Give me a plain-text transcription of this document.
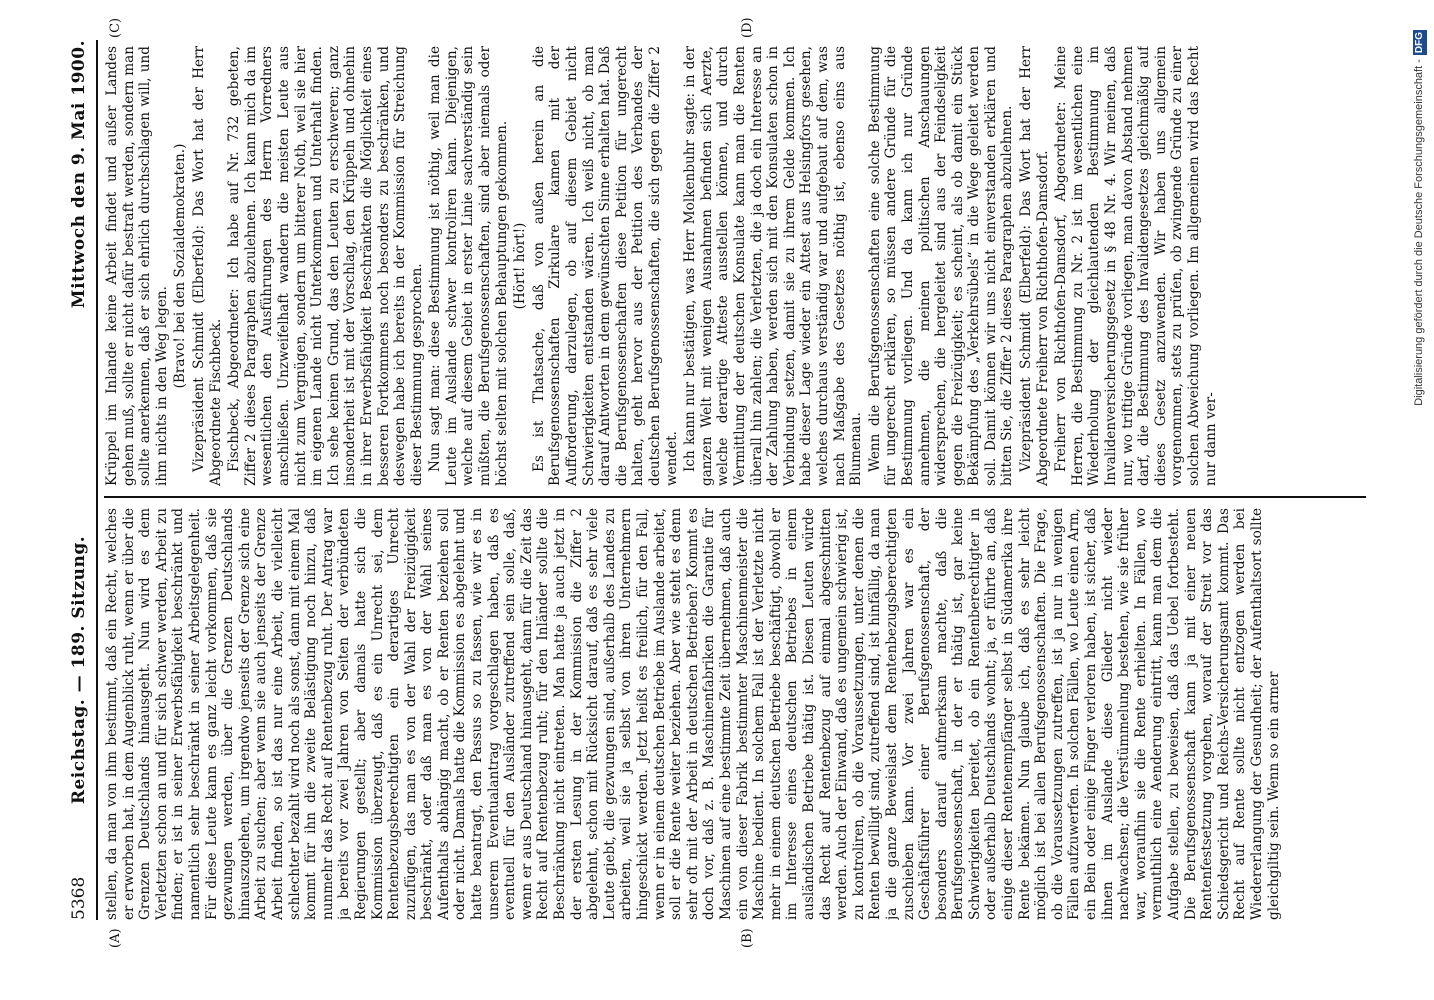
5368
Reichstag. — 189. Sitzung.
Mittwoch den 9. Mai 1900.
(A)	(B)
(C)	(D)

stellen, da man von ihm bestimmt, daß ein Recht, welches er erworben hat, in dem Augenblick ruht, wenn er über die Grenzen Deutschlands hinausgeht. Nun wird es dem Verletzten schon an und für sich schwer werden, Arbeit zu finden; er ist in seiner Erwerbsfähigkeit beschränkt und namentlich sehr beschränkt in seiner Arbeitsgelegenheit. Für diese Leute kann es ganz leicht vorkommen, daß sie gezwungen werden, über die Grenzen Deutschlands hinauszugehen, um irgendwo jenseits der Grenze sich eine Arbeit zu suchen; aber wenn sie auch jenseits der Grenze Arbeit finden, so ist das nur eine Arbeit, die vielleicht schlechter bezahlt wird noch als sonst, dann mit einem Mal kommt für ihn die zweite Belästigung noch hinzu, daß nunmehr das Recht auf Rentenbezug ruht. Der Antrag war ja bereits vor zwei Jahren von Seiten der verbündeten Regierungen gestellt; aber damals hatte sich die Kommission überzeugt, daß es ein Unrecht sei, dem Rentenbezugsberechtigten ein derartiges Unrecht zuzufügen, das man es von der Wahl der Freizügigkeit beschränkt, oder daß man es von der Wahl seines Aufenthalts abhängig macht, ob er Renten beziehen soll oder nicht. Damals hatte die Kommission es abgelehnt und hatte beantragt, den Passus so zu fassen, wie wir es in unserem Eventualantrag vorgeschlagen haben, daß es eventuell für den Ausländer zutreffend sein solle, daß, wenn er aus Deutschland hinausgeht, dann für die Zeit das Recht auf Rentenbezug ruht; für den Inländer sollte die Beschränkung nicht eintreten. Man hatte ja auch jetzt in der ersten Lesung in der Kommission die Ziffer 2 abgelehnt, schon mit Rücksicht darauf, daß es sehr viele Leute giebt, die gezwungen sind, außerhalb des Landes zu arbeiten, weil sie ja selbst von ihren Unternehmern hingeschickt werden. Jetzt heißt es freilich, für den Fall, wenn er in einem deutschen Betriebe im Auslande arbeitet, soll er die Rente weiter beziehen. Aber wie steht es denn sehr oft mit der Arbeit in deutschen Betrieben? Kommt es doch vor, daß z. B. Maschinenfabriken die Garantie für Maschinen auf eine bestimmte Zeit übernehmen, daß auch ein von dieser Fabrik bestimmter Maschinenmeister die Maschine bedient. In solchem Fall ist der Verletzte nicht mehr in einem deutschen Betriebe beschäftigt, obwohl er im Interesse eines deutschen Betriebes in einem ausländischen Betriebe thätig ist. Diesen Leuten würde das Recht auf Rentenbezug auf einmal abgeschnitten werden. Auch der Einwand, daß es ungemein schwierig ist, zu kontroliren, ob die Voraussetzungen, unter denen die Renten bewilligt sind, zutreffend sind, ist hinfällig, da man ja die ganze Beweislast dem Rentenbezugsberechtigten zuschieben kann. Vor zwei Jahren war es ein Geschäftsführer einer Berufsgenossenschaft, der besonders darauf aufmerksam machte, daß die Berufsgenossenschaft, in der er thätig ist, gar keine Schwierigkeiten bereitet, ob ein Rentenberechtigter in oder außerhalb Deutschlands wohnt; ja, er führte an, daß einige dieser Rentenempfänger selbst in Südamerika ihre Rente bekämen. Nun glaube ich, daß es sehr leicht möglich ist bei allen Berufsgenossenschaften. Die Frage, ob die Voraussetzungen zutreffen, ist ja nur in wenigen Fällen aufzuwerfen. In solchen Fällen, wo Leute einen Arm, ein Bein oder einige Finger verloren haben, ist sicher, daß ihnen im Auslande diese Glieder nicht wieder nachwachsen; die Verstümmelung bestehen, wie sie früher war, woraufhin sie die Rente erhielten. In Fällen, wo vermuthlich eine Aenderung eintritt, kann man dem die Aufgabe stellen, zu beweisen, daß das Uebel fortbesteht. Die Berufsgenossenschaft kann ja mit einer neuen Rentenfestsetzung vorgehen, worauf der Streit vor das Schiedsgericht und Reichs-Versicherungsamt kommt. Das Recht auf Rente sollte nicht entzogen werden bei Wiedererlangung der Gesundheit; der Aufenthaltsort sollte gleichgiltig sein. Wenn so ein armer

Krüppel im Inlande keine Arbeit findet und außer Landes gehen muß, sollte er nicht dafür bestraft werden, sondern man sollte anerkennen, daß er sich ehrlich durchschlagen will, und ihm nichts in den Weg legen. (Bravo! bei den Sozialdemokraten.) Vizepräsident Schmidt (Elberfeld): Das Wort hat der Herr Abgeordnete Fischbeck. Fischbeck, Abgeordneter: Ich habe auf Nr. 732 gebeten, Ziffer 2 dieses Paragraphen abzulehnen. Ich kann mich da im wesentlichen den Ausführungen des Herrn Vorredners anschließen. Unzweifelhaft wandern die meisten Leute aus nicht zum Vergnügen, sondern um bitterer Noth, weil sie hier im eigenen Lande nicht Unterkommen und Unterhalt finden. Ich sehe keinen Grund, das den Leuten zu erschweren; ganz insonderheit ist mit der Vorschlag, den Krüppeln und ohnehin in ihrer Erwerbsfähigkeit Beschränkten die Möglichkeit eines besseren Fortkommens noch besonders zu beschränken, und deswegen habe ich bereits in der Kommission für Streichung dieser Bestimmung gesprochen. Nun sagt man: diese Bestimmung ist nöthig, weil man die Leute im Auslande schwer kontroliren kann. Diejenigen, welche auf diesem Gebiet in erster Linie sachverständig sein müßten, die Berufsgenossenschaften, sind aber niemals oder höchst selten mit solchen Behauptungen gekommen. (Hört! hört!) Es ist Thatsache, daß von außen herein an die Berufsgenossenschaften Zirkulare kamen mit der Aufforderung, darzulegen, ob auf diesem Gebiet nicht Schwierigkeiten entstanden wären. Ich weiß nicht, ob man darauf Antworten in dem gewünschten Sinne erhalten hat. Daß die Berufsgenossenschaften diese Petition für ungerecht halten, geht hervor aus der Petition des Verbandes der deutschen Berufsgenossenschaften, die sich gegen die Ziffer 2 wendet. Ich kann nur bestätigen, was Herr Molkenbuhr sagte: in der ganzen Welt mit wenigen Ausnahmen befinden sich Aerzte, welche derartige Atteste ausstellen können, und durch Vermittlung der deutschen Konsulate kann man die Renten überall hin zahlen; die Verletzten, die ja doch ein Interesse an der Zahlung haben, werden sich mit den Konsulaten schon in Verbindung setzen, damit sie zu ihrem Gelde kommen. Ich habe dieser Lage wieder ein Attest aus Helsingfors gesehen, welches durchaus verständig war und aufgebaut auf dem, was nach Maßgabe des Gesetzes nöthig ist, ebenso eins aus Blumenau. Wenn die Berufsgenossenschaften eine solche Bestimmung für ungerecht erklären, so müssen andere Gründe für die Bestimmung vorliegen. Und da kann ich nur Gründe annehmen, die meinen politischen Anschauungen widersprechen, die hergeleitet sind aus der Feindseligkeit gegen die Freizügigkeit; es scheint, als ob damit ein Stück Bekämpfung des „Verkehrsübels“ in die Wege geleitet werden soll. Damit können wir uns nicht einverstanden erklären und bitten Sie, die Ziffer 2 dieses Paragraphen abzulehnen. Vizepräsident Schmidt (Elberfeld): Das Wort hat der Herr Abgeordnete Freiherr von Richthofen-Damsdorf. Freiherr von Richthofen-Damsdorf, Abgeordneter: Meine Herren, die Bestimmung zu Nr. 2 ist im wesentlichen eine Wiederholung der gleichlautenden Bestimmung im Invalidenversicherungsgesetz in § 48 Nr. 4. Wir meinen, daß nur, wo triftige Gründe vorliegen, man davon Abstand nehmen darf, die Bestimmung des Invalidengesetzes gleichmäßig auf dieses Gesetz anzuwenden. Wir haben uns allgemein vorgenommen, stets zu prüfen, ob zwingende Gründe zu einer solchen Abweichung vorliegen. Im allgemeinen wird das Recht nur dann ver-

Digitalisierung gefördert durch die Deutsche Forschungsgemeinschaft -DFG
